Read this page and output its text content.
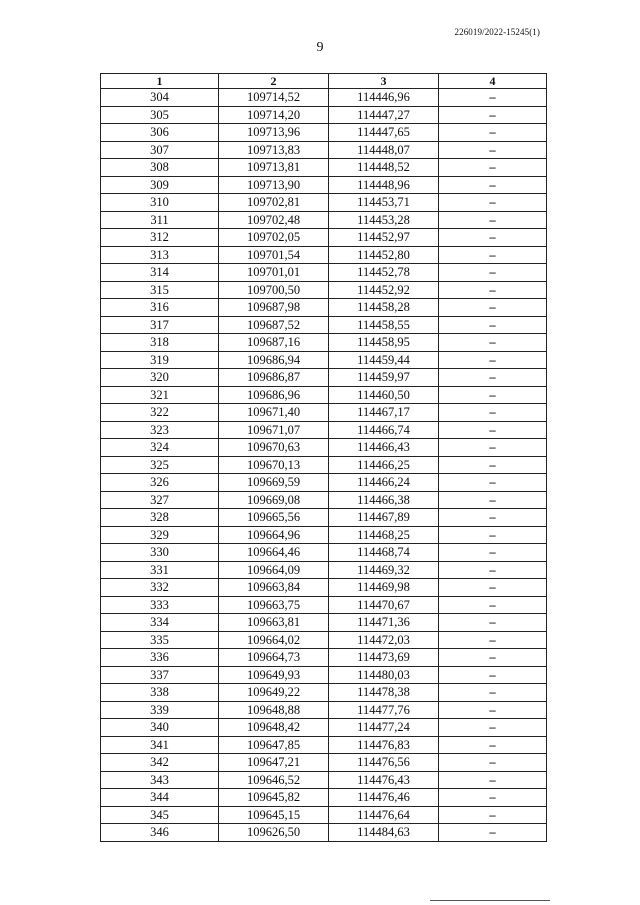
226019/2022-15245(1)
9
1	2	3	4
304	109714,52	114446,96	–
305	109714,20	114447,27	–
306	109713,96	114447,65	–
307	109713,83	114448,07	–
308	109713,81	114448,52	–
309	109713,90	114448,96	–
310	109702,81	114453,71	–
311	109702,48	114453,28	–
312	109702,05	114452,97	–
313	109701,54	114452,80	–
314	109701,01	114452,78	–
315	109700,50	114452,92	–
316	109687,98	114458,28	–
317	109687,52	114458,55	–
318	109687,16	114458,95	–
319	109686,94	114459,44	–
320	109686,87	114459,97	–
321	109686,96	114460,50	–
322	109671,40	114467,17	–
323	109671,07	114466,74	–
324	109670,63	114466,43	–
325	109670,13	114466,25	–
326	109669,59	114466,24	–
327	109669,08	114466,38	–
328	109665,56	114467,89	–
329	109664,96	114468,25	–
330	109664,46	114468,74	–
331	109664,09	114469,32	–
332	109663,84	114469,98	–
333	109663,75	114470,67	–
334	109663,81	114471,36	–
335	109664,02	114472,03	–
336	109664,73	114473,69	–
337	109649,93	114480,03	–
338	109649,22	114478,38	–
339	109648,88	114477,76	–
340	109648,42	114477,24	–
341	109647,85	114476,83	–
342	109647,21	114476,56	–
343	109646,52	114476,43	–
344	109645,82	114476,46	–
345	109645,15	114476,64	–
346	109626,50	114484,63	–
